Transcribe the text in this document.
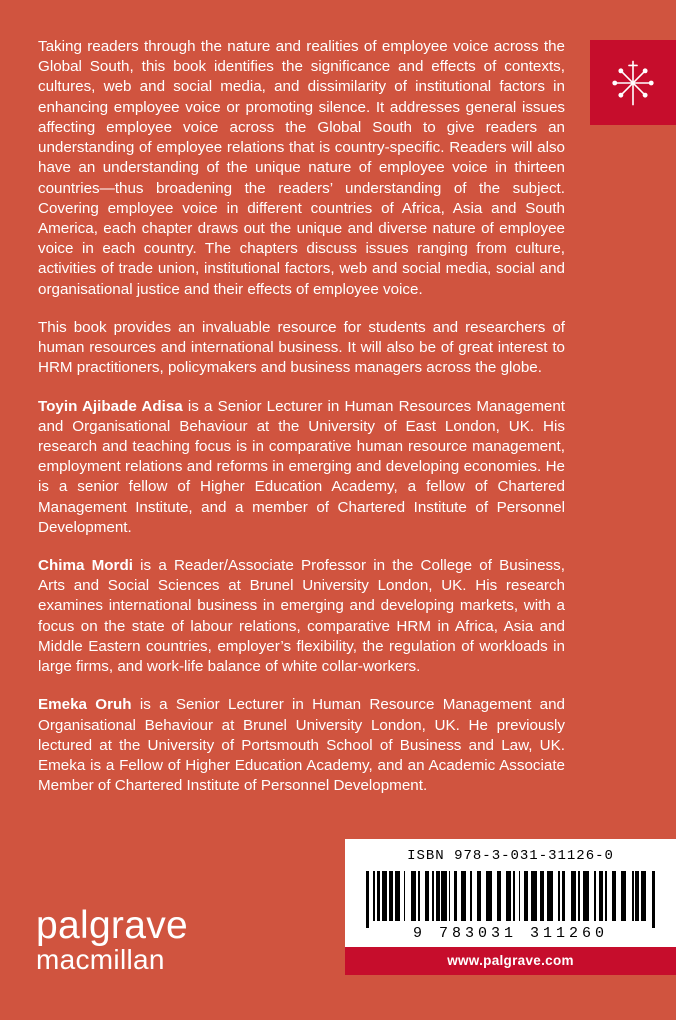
Taking readers through the nature and realities of employee voice across the Global South, this book identifies the significance and effects of contexts, cultures, web and social media, and dissimilarity of institutional factors in enhancing employee voice or promoting silence. It addresses general issues affecting employee voice across the Global South to give readers an understanding of employee relations that is country-specific. Readers will also have an understanding of the unique nature of employee voice in thirteen countries—thus broadening the readers’ understanding of the subject. Covering employee voice in different countries of Africa, Asia and South America, each chapter draws out the unique and diverse nature of employee voice in each country. The chapters discuss issues ranging from culture, activities of trade union, institutional factors, web and social media, social and organisational justice and their effects of employee voice.

This book provides an invaluable resource for students and researchers of human resources and international business. It will also be of great interest to HRM practitioners, policymakers and business managers across the globe.

Toyin Ajibade Adisa is a Senior Lecturer in Human Resources Management and Organisational Behaviour at the University of East London, UK. His research and teaching focus is in comparative human resource management, employment relations and reforms in emerging and developing economies. He is a senior fellow of Higher Education Academy, a fellow of Chartered Management Institute, and a member of Chartered Institute of Personnel Development.

Chima Mordi is a Reader/Associate Professor in the College of Business, Arts and Social Sciences at Brunel University London, UK. His research examines international business in emerging and developing markets, with a focus on the state of labour relations, comparative HRM in Africa, Asia and Middle Eastern countries, employer’s flexibility, the regulation of workloads in large firms, and work-life balance of white collar-workers.

Emeka Oruh is a Senior Lecturer in Human Resource Management and Organisational Behaviour at Brunel University London, UK. He previously lectured at the University of Portsmouth School of Business and Law, UK. Emeka is a Fellow of Higher Education Academy, and an Academic Associate Member of Chartered Institute of Personnel Development.

ISBN 978-3-031-31126-0
9 783031 311260
www.palgrave.com
palgrave
macmillan
